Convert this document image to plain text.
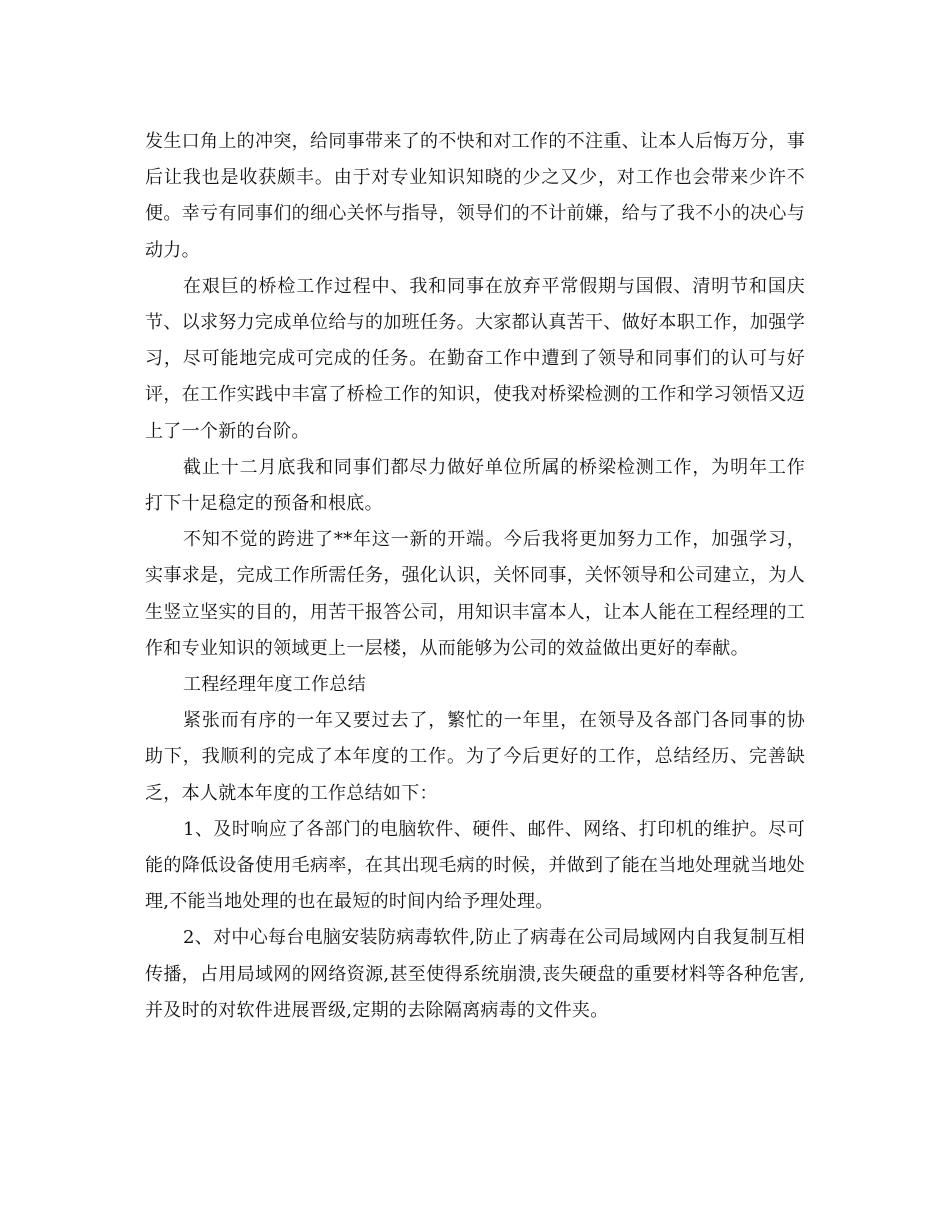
发生口角上的冲突，给同事带来了的不快和对工作的不注重、让本人后悔万分，事后让我也是收获颇丰。由于对专业知识知晓的少之又少，对工作也会带来少许不便。幸亏有同事们的细心关怀与指导，领导们的不计前嫌，给与了我不小的决心与动力。

在艰巨的桥检工作过程中、我和同事在放弃平常假期与国假、清明节和国庆节、以求努力完成单位给与的加班任务。大家都认真苦干、做好本职工作，加强学习，尽可能地完成可完成的任务。在勤奋工作中遭到了领导和同事们的认可与好评，在工作实践中丰富了桥检工作的知识，使我对桥梁检测的工作和学习领悟又迈上了一个新的台阶。

截止十二月底我和同事们都尽力做好单位所属的桥梁检测工作，为明年工作打下十足稳定的预备和根底。

不知不觉的跨进了**年这一新的开端。今后我将更加努力工作，加强学习，实事求是，完成工作所需任务，强化认识，关怀同事，关怀领导和公司建立，为人生竖立坚实的目的，用苦干报答公司，用知识丰富本人，让本人能在工程经理的工作和专业知识的领域更上一层楼，从而能够为公司的效益做出更好的奉献。

工程经理年度工作总结

紧张而有序的一年又要过去了，繁忙的一年里，在领导及各部门各同事的协助下，我顺利的完成了本年度的工作。为了今后更好的工作，总结经历、完善缺乏，本人就本年度的工作总结如下：

1、及时响应了各部门的电脑软件、硬件、邮件、网络、打印机的维护。尽可能的降低设备使用毛病率，在其出现毛病的时候，并做到了能在当地处理就当地处理,不能当地处理的也在最短的时间内给予理处理。

2、对中心每台电脑安装防病毒软件,防止了病毒在公司局域网内自我复制互相传播，占用局域网的网络资源,甚至使得系统崩溃,丧失硬盘的重要材料等各种危害,并及时的对软件进展晋级,定期的去除隔离病毒的文件夹。
